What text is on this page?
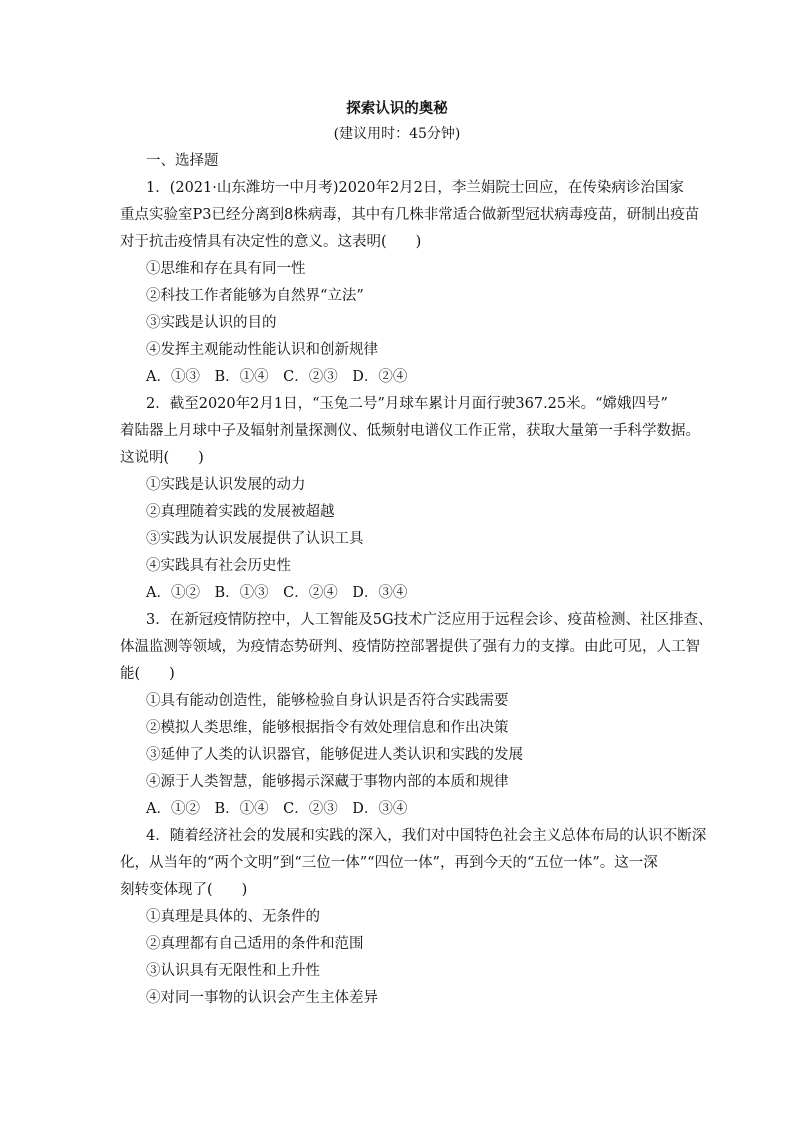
探索认识的奥秘
(建议用时：45分钟)
一、选择题
1．(2021·山东潍坊一中月考)2020年2月2日，李兰娟院士回应，在传染病诊治国家
重点实验室P3已经分离到8株病毒，其中有几株非常适合做新型冠状病毒疫苗，研制出疫苗
对于抗击疫情具有决定性的意义。这表明(　　)
①思维和存在具有同一性
②科技工作者能够为自然界“立法”
③实践是认识的目的
④发挥主观能动性能认识和创新规律
A．①③　B．①④　C．②③　D．②④
2．截至2020年2月1日，“玉兔二号”月球车累计月面行驶367.25米。“嫦娥四号”
着陆器上月球中子及辐射剂量探测仪、低频射电谱仪工作正常，获取大量第一手科学数据。
这说明(　　)
①实践是认识发展的动力
②真理随着实践的发展被超越
③实践为认识发展提供了认识工具
④实践具有社会历史性
A．①②　B．①③　C．②④　D．③④
3．在新冠疫情防控中，人工智能及5G技术广泛应用于远程会诊、疫苗检测、社区排查、
体温监测等领域，为疫情态势研判、疫情防控部署提供了强有力的支撑。由此可见，人工智
能(　　)
①具有能动创造性，能够检验自身认识是否符合实践需要
②模拟人类思维，能够根据指令有效处理信息和作出决策
③延伸了人类的认识器官，能够促进人类认识和实践的发展
④源于人类智慧，能够揭示深藏于事物内部的本质和规律
A．①②　B．①④　C．②③　D．③④
4．随着经济社会的发展和实践的深入，我们对中国特色社会主义总体布局的认识不断深
化，从当年的“两个文明”到“三位一体”“四位一体”，再到今天的“五位一体”。这一深
刻转变体现了(　　)
①真理是具体的、无条件的
②真理都有自己适用的条件和范围
③认识具有无限性和上升性
④对同一事物的认识会产生主体差异
